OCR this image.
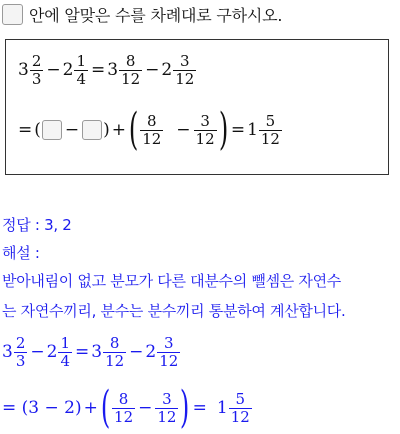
안에 알맞은 수를 차례대로 구하시오.
$3 \frac{2}{3} - 2 \frac{1}{4} = 3 \frac{8}{12} - 2 \frac{3}{12}$
= ( − ) + ( $\frac{8}{12} - \frac{3}{12}$ ) = $1 \frac{5}{12}$
정답 : 3, 2
해설 :
받아내림이 없고 분모가 다른 대분수의 뺄셈은 자연수
는 자연수끼리, 분수는 분수끼리 통분하여 계산합니다.
$3 \frac{2}{3} - 2 \frac{1}{4} = 3 \frac{8}{12} - 2 \frac{3}{12}$
= (3 − 2) + ( $\frac{8}{12} - \frac{3}{12}$ ) = $1 \frac{5}{12}$
